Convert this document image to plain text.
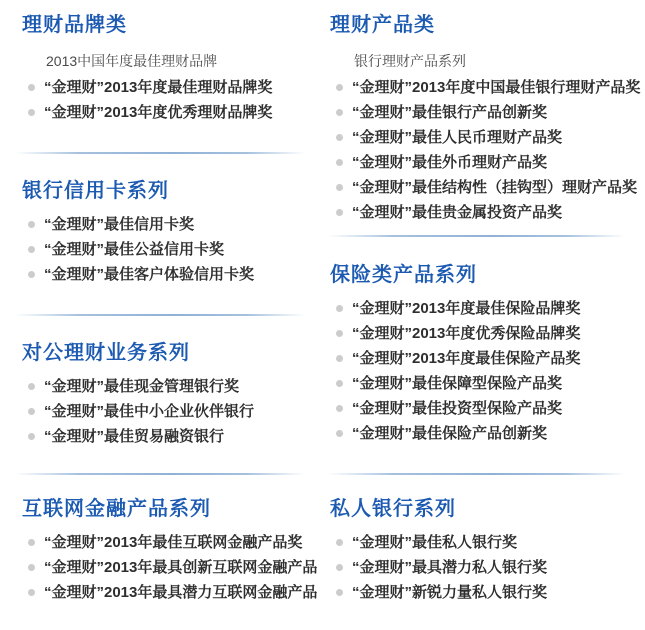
理财品牌类

2013中国年度最佳理财品牌

“金理财”2013年度最佳理财品牌奖
“金理财”2013年度优秀理财品牌奖
银行信用卡系列
“金理财”最佳信用卡奖
“金理财”最佳公益信用卡奖
“金理财”最佳客户体验信用卡奖
对公理财业务系列
“金理财”最佳现金管理银行奖
“金理财”最佳中小企业伙伴银行
“金理财”最佳贸易融资银行
互联网金融产品系列
“金理财”2013年最佳互联网金融产品奖
“金理财”2013年最具创新互联网金融产品
“金理财”2013年最具潜力互联网金融产品
理财产品类

银行理财产品系列

“金理财”2013年度中国最佳银行理财产品奖
“金理财”最佳银行产品创新奖
“金理财”最佳人民币理财产品奖
“金理财”最佳外币理财产品奖
“金理财”最佳结构性（挂钩型）理财产品奖
“金理财”最佳贵金属投资产品奖
保险类产品系列
“金理财”2013年度最佳保险品牌奖
“金理财”2013年度优秀保险品牌奖
“金理财”2013年度最佳保险产品奖
“金理财”最佳保障型保险产品奖
“金理财”最佳投资型保险产品奖
“金理财”最佳保险产品创新奖
私人银行系列
“金理财”最佳私人银行奖
“金理财”最具潜力私人银行奖
“金理财”新锐力量私人银行奖
